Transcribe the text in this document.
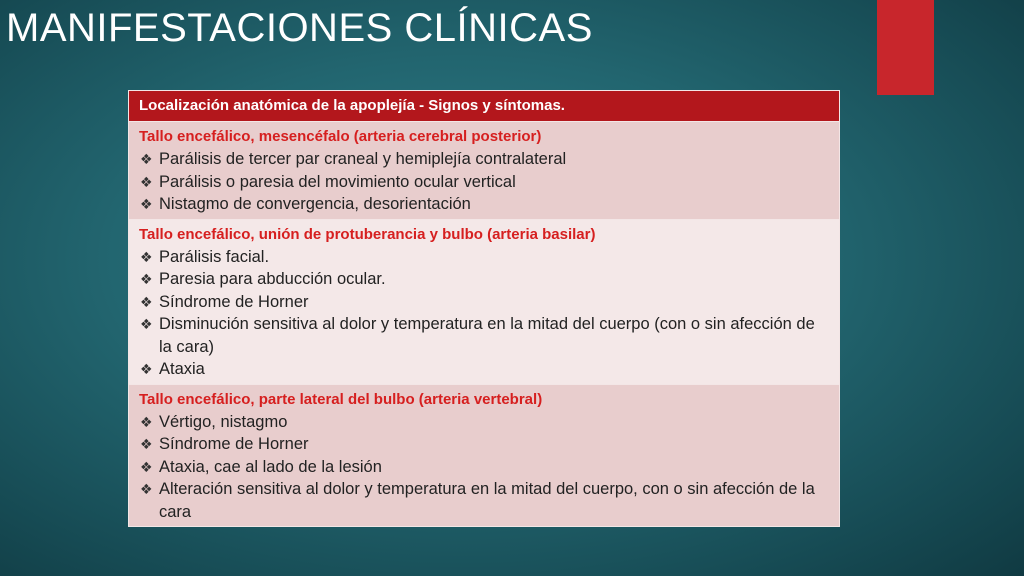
MANIFESTACIONES CLÍNICAS
Localización anatómica de la apoplejía - Signos y síntomas.
Tallo encefálico, mesencéfalo (arteria cerebral posterior)
❖ Parálisis de tercer par craneal y hemiplejía contralateral
❖ Parálisis o paresia del movimiento ocular vertical
❖ Nistagmo de convergencia, desorientación
Tallo encefálico, unión de protuberancia y bulbo (arteria basilar)
❖ Parálisis facial.
❖ Paresia para abducción ocular.
❖ Síndrome de Horner
❖ Disminución sensitiva al dolor y temperatura en la mitad del cuerpo (con o sin afección de la cara)
❖ Ataxia
Tallo encefálico, parte lateral del bulbo (arteria vertebral)
❖ Vértigo, nistagmo
❖ Síndrome de Horner
❖ Ataxia, cae al lado de la lesión
❖ Alteración sensitiva al dolor y temperatura en la mitad del cuerpo, con o sin afección de la cara
